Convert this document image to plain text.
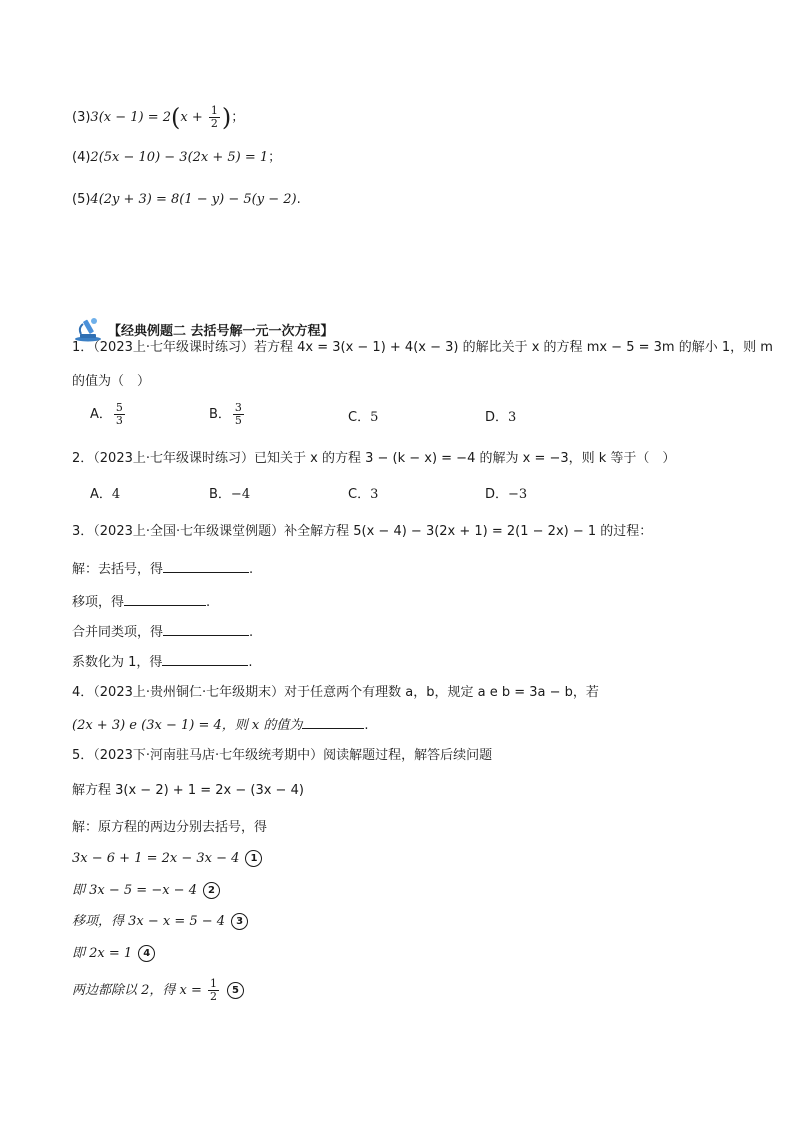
$(3)3(x - 1) = 2(x + \frac{1}{2}$ )；
(4)2(5x − 10) − 3(2x + 5) = 1；
(5)4(2y + 3) = 8(1 − y) − 5(y − 2).
【经典例题二 去括号解一元一次方程】
1．（2023上·七年级课时练习）若方程 4x = 3(x − 1) + 4(x − 3) 的解比关于 x 的方程 mx − 5 = 3m 的解小 1，则 m
的值为（　）
A． $\frac{5}{3}$	B． $\frac{3}{5}$	C．5	D．3
2．（2023上·七年级课时练习）已知关于 x 的方程 3 − (k − x) = −4 的解为 x = −3，则 k 等于（　）
A．4	B．−4	C．3	D．−3
3．（2023上·全国·七年级课堂例题）补全解方程 5(x − 4) − 3(2x + 1) = 2(1 − 2x) − 1 的过程：
解：去括号，得	.
移项，得	.
合并同类项，得	.
系数化为 1，得	.
4．（2023上·贵州铜仁·七年级期末）对于任意两个有理数 a，b，规定 a e b = 3a − b，若
(2x + 3) e (3x − 1) = 4，则 x 的值为	.
5．（2023下·河南驻马店·七年级统考期中）阅读解题过程，解答后续问题
解方程 3(x − 2) + 1 = 2x − (3x − 4)
解：原方程的两边分别去括号，得
3x − 6 + 1 = 2x − 3x − 4 1
即 3x − 5 = −x − 4 2
移项，得 3x − x = 5 − 4 3
即 2x = 1 4
两边都除以 2，得 $x = \frac{1}{2} 5$
